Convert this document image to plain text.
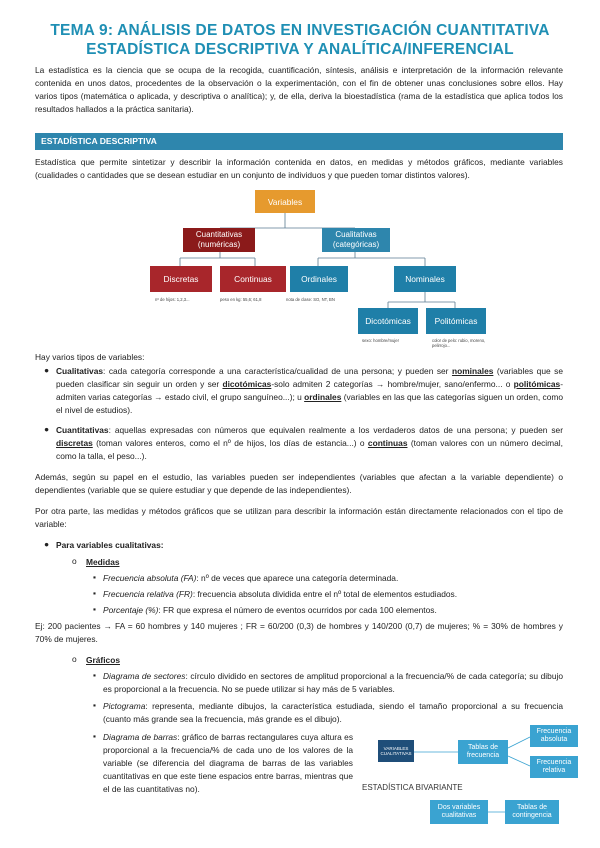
TEMA 9: ANÁLISIS DE DATOS EN INVESTIGACIÓN CUANTITATIVA
ESTADÍSTICA DESCRIPTIVA Y ANALÍTICA/INFERENCIAL
La estadística es la ciencia que se ocupa de la recogida, cuantificación, síntesis, análisis e interpretación de la información relevante contenida en unos datos, procedentes de la observación o la experimentación, con el fin de obtener unas conclusiones sobre ellos. Hay varios tipos (matemática o aplicada, y descriptiva o analítica); y, de ella, deriva la bioestadística (rama de la estadística que aplica todos los resultados hallados a la práctica sanitaria).
ESTADÍSTICA DESCRIPTIVA
Estadística que permite sintetizar y describir la información contenida en datos, en medidas y métodos gráficos, mediante variables (cualidades o cantidades que se desean estudiar en un conjunto de individuos y que pueden tomar distintos valores).
Variables
Cuantitativas (numéricas)
Cualitativas (categóricas)
Discretas	Continuas	Ordinales	Nominales
nº de hijos: 1,2,3...	peso en kg: 55,6; 61,8	nota de clase: SO, NT, BN
Dicotómicas	Politómicas
sexo: hombre/mujer	color de pelo: rubio, moreno, pelirrojo...
Hay varios tipos de variables:
● Cualitativas: cada categoría corresponde a una característica/cualidad de una persona; y pueden ser nominales (variables que se pueden clasificar sin seguir un orden y ser dicotómicas-solo admiten 2 categorías → hombre/mujer, sano/enfermo... o politómicas-admiten varias categorías → estado civil, el grupo sanguíneo...); u ordinales (variables en las que las categorías siguen un orden, como el nivel de estudios).
● Cuantitativas: aquellas expresadas con números que equivalen realmente a los verdaderos datos de una persona; y pueden ser discretas (toman valores enteros, como el nº de hijos, los días de estancia...) o continuas (toman valores con un número decimal, como la talla, el peso...).
Además, según su papel en el estudio, las variables pueden ser independientes (variables que afectan a la variable dependiente) o dependientes (variable que se quiere estudiar y que depende de las independientes).
Por otra parte, las medidas y métodos gráficos que se utilizan para describir la información están directamente relacionados con el tipo de variable:
● Para variables cualitativas:
o Medidas
▪ Frecuencia absoluta (FA): nº de veces que aparece una categoría determinada.
▪ Frecuencia relativa (FR): frecuencia absoluta dividida entre el nº total de elementos estudiados.
▪ Porcentaje (%): FR que expresa el número de eventos ocurridos por cada 100 elementos.
Ej: 200 pacientes → FA = 60 hombres y 140 mujeres ; FR = 60/200 (0,3) de hombres y 140/200 (0,7) de mujeres; % = 30% de hombres y 70% de mujeres.
o Gráficos
▪ Diagrama de sectores: círculo dividido en sectores de amplitud proporcional a la frecuencia/% de cada categoría; su dibujo es proporcional a la frecuencia. No se puede utilizar si hay más de 5 variables.
▪ Pictograma: representa, mediante dibujos, la característica estudiada, siendo el tamaño proporcional a su frecuencia (cuanto más grande sea la frecuencia, más grande es el dibujo).
▪ Diagrama de barras: gráfico de barras rectangulares cuya altura es proporcional a la frecuencia/% de cada uno de los valores de la variable (se diferencia del diagrama de barras de las variables cuantitativas en que este tiene espacios entre barras, mientras que el de las cuantitativas no).
VARIABLES CUALITATIVAS
Tablas de frecuencia
Frecuencia absoluta
Frecuencia relativa
ESTADÍSTICA BIVARIANTE
Dos variables cualitativas
Tablas de contingencia
